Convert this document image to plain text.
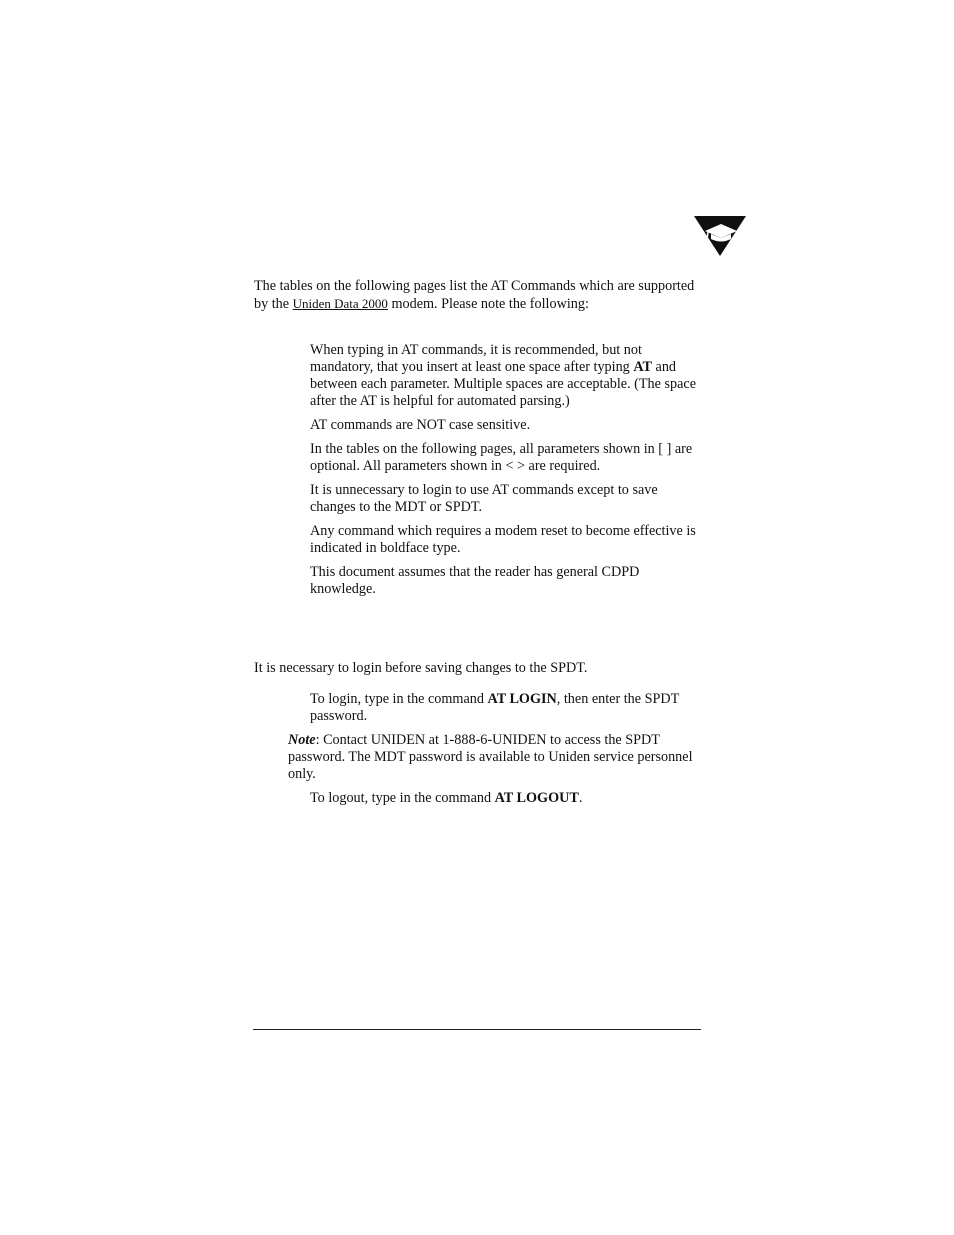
The tables on the following pages list the AT Commands which are supported by the Uniden Data 2000 modem. Please note the following:

When typing in AT commands, it is recommended, but not mandatory, that you insert at least one space after typing AT and between each parameter. Multiple spaces are acceptable. (The space after the AT is helpful for automated parsing.)
AT commands are NOT case sensitive.
In the tables on the following pages, all parameters shown in [ ] are optional. All parameters shown in < > are required.
It is unnecessary to login to use AT commands except to save changes to the MDT or SPDT.
Any command which requires a modem reset to become effective is indicated in boldface type.
This document assumes that the reader has general CDPD knowledge.

It is necessary to login before saving changes to the SPDT.

To login, type in the command AT LOGIN, then enter the SPDT password.

Note: Contact UNIDEN at 1-888-6-UNIDEN to access the SPDT password. The MDT password is available to Uniden service personnel only.

To logout, type in the command AT LOGOUT.
